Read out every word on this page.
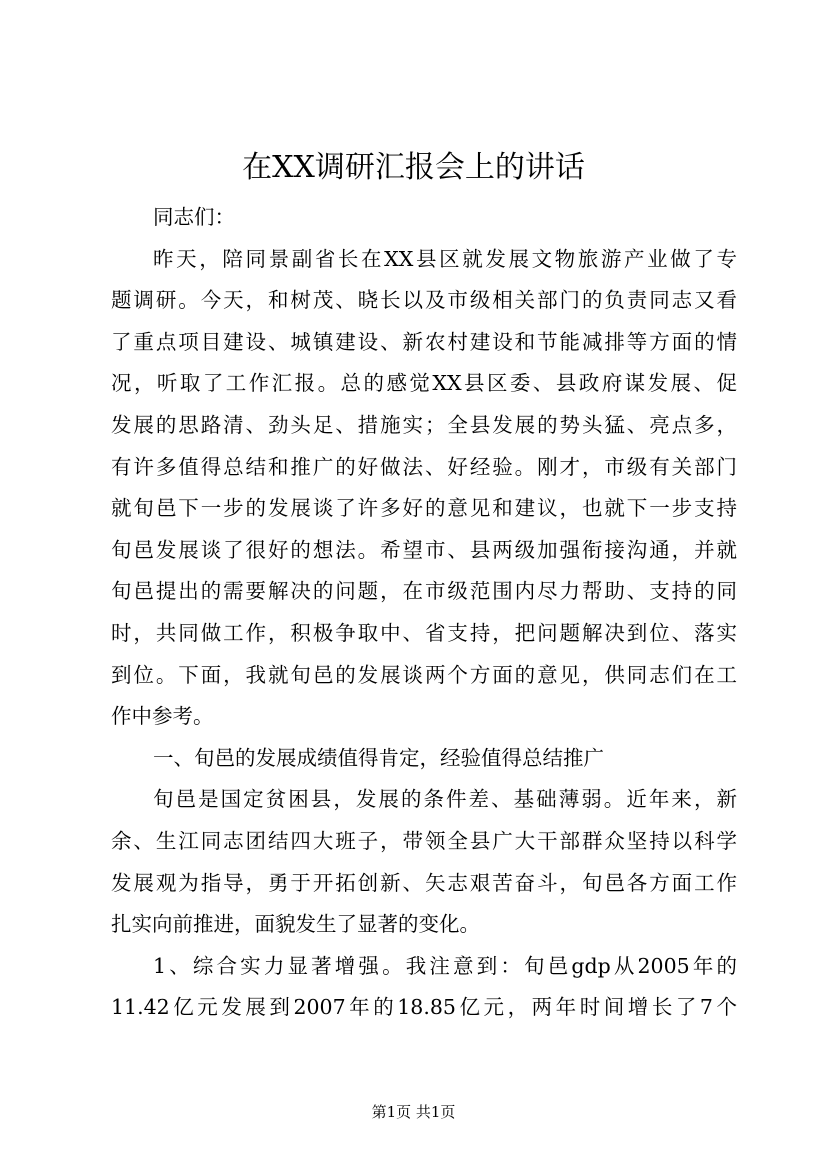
在XX调研汇报会上的讲话
同志们：
昨天，陪同景副省长在XX县区就发展文物旅游产业做了专
题调研。今天，和树茂、晓长以及市级相关部门的负责同志又看
了重点项目建设、城镇建设、新农村建设和节能减排等方面的情
况，听取了工作汇报。总的感觉XX县区委、县政府谋发展、促
发展的思路清、劲头足、措施实；全县发展的势头猛、亮点多，
有许多值得总结和推广的好做法、好经验。刚才，市级有关部门
就旬邑下一步的发展谈了许多好的意见和建议，也就下一步支持
旬邑发展谈了很好的想法。希望市、县两级加强衔接沟通，并就
旬邑提出的需要解决的问题，在市级范围内尽力帮助、支持的同
时，共同做工作，积极争取中、省支持，把问题解决到位、落实
到位。下面，我就旬邑的发展谈两个方面的意见，供同志们在工
作中参考。
一、旬邑的发展成绩值得肯定，经验值得总结推广
旬邑是国定贫困县，发展的条件差、基础薄弱。近年来，新
余、生江同志团结四大班子，带领全县广大干部群众坚持以科学
发展观为指导，勇于开拓创新、矢志艰苦奋斗，旬邑各方面工作
扎实向前推进，面貌发生了显著的变化。
1、综合实力显著增强。我注意到：旬邑gdp从2005年的
11.42亿元发展到2007年的18.85亿元，两年时间增长了7个
第1页 共1页
